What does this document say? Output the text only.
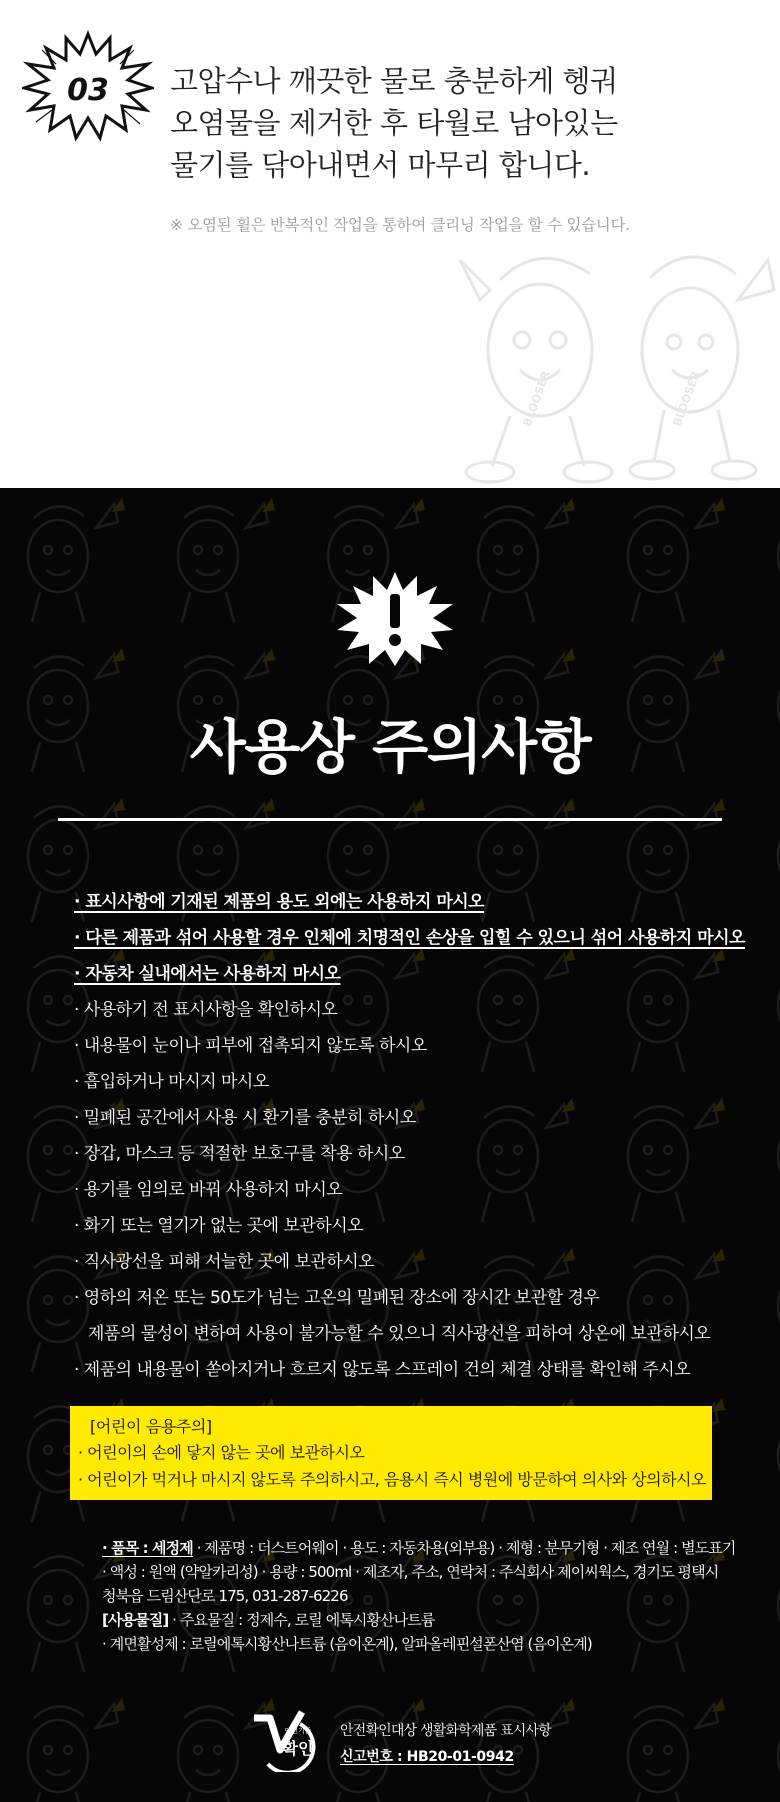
03 고압수나 깨끗한 물로 충분하게 헹궈

오염물을 제거한 후 타월로 남아있는

물기를 닦아내면서 마무리 합니다.

※ 오염된 휠은 반복적인 작업을 통하여 클리닝 작업을 할 수 있습니다.
BLOOSER	BLOOSER
사용상 주의사항
· 표시사항에 기재된 제품의 용도 외에는 사용하지 마시오
· 다른 제품과 섞어 사용할 경우 인체에 치명적인 손상을 입힐 수 있으니 섞어 사용하지 마시오
· 자동차 실내에서는 사용하지 마시오
· 사용하기 전 표시사항을 확인하시오
· 내용물이 눈이나 피부에 접촉되지 않도록 하시오
· 흡입하거나 마시지 마시오
· 밀폐된 공간에서 사용 시 환기를 충분히 하시오
· 장갑, 마스크 등 적절한 보호구를 착용 하시오
· 용기를 임의로 바꿔 사용하지 마시오
· 화기 또는 열기가 없는 곳에 보관하시오
· 직사광선을 피해 서늘한 곳에 보관하시오
· 영하의 저온 또는 50도가 넘는 고온의 밀폐된 장소에 장시간 보관할 경우
제품의 물성이 변하여 사용이 불가능할 수 있으니 직사광선을 피하여 상온에 보관하시오
· 제품의 내용물이 쏟아지거나 흐르지 않도록 스프레이 건의 체결 상태를 확인해 주시오
[어린이 음용주의]
· 어린이의 손에 닿지 않는 곳에 보관하시오
· 어린이가 먹거나 마시지 않도록 주의하시고, 음용시 즉시 병원에 방문하여 의사와 상의하시오
· 품목 : 세정제 · 제품명 : 더스트어웨이 · 용도 : 자동차용(외부용) · 제형 : 분무기형 · 제조 연월 : 별도표기
· 액성 : 원액 (약알카리성) · 용량 : 500ml · 제조자, 주소, 연락처 : 주식회사 제이씨웍스, 경기도 평택시
청북읍 드림산단로 175, 031-287-6226
[사용물질] · 주요물질 : 정제수, 로릴 에톡시황산나트륨
· 계면활성제 : 로릴에톡시황산나트륨 (음이온계), 알파올레핀설폰산염 (음이온계)
안전기준
확인
안전확인대상 생활화학제품 표시사항
신고번호 : HB20-01-0942
